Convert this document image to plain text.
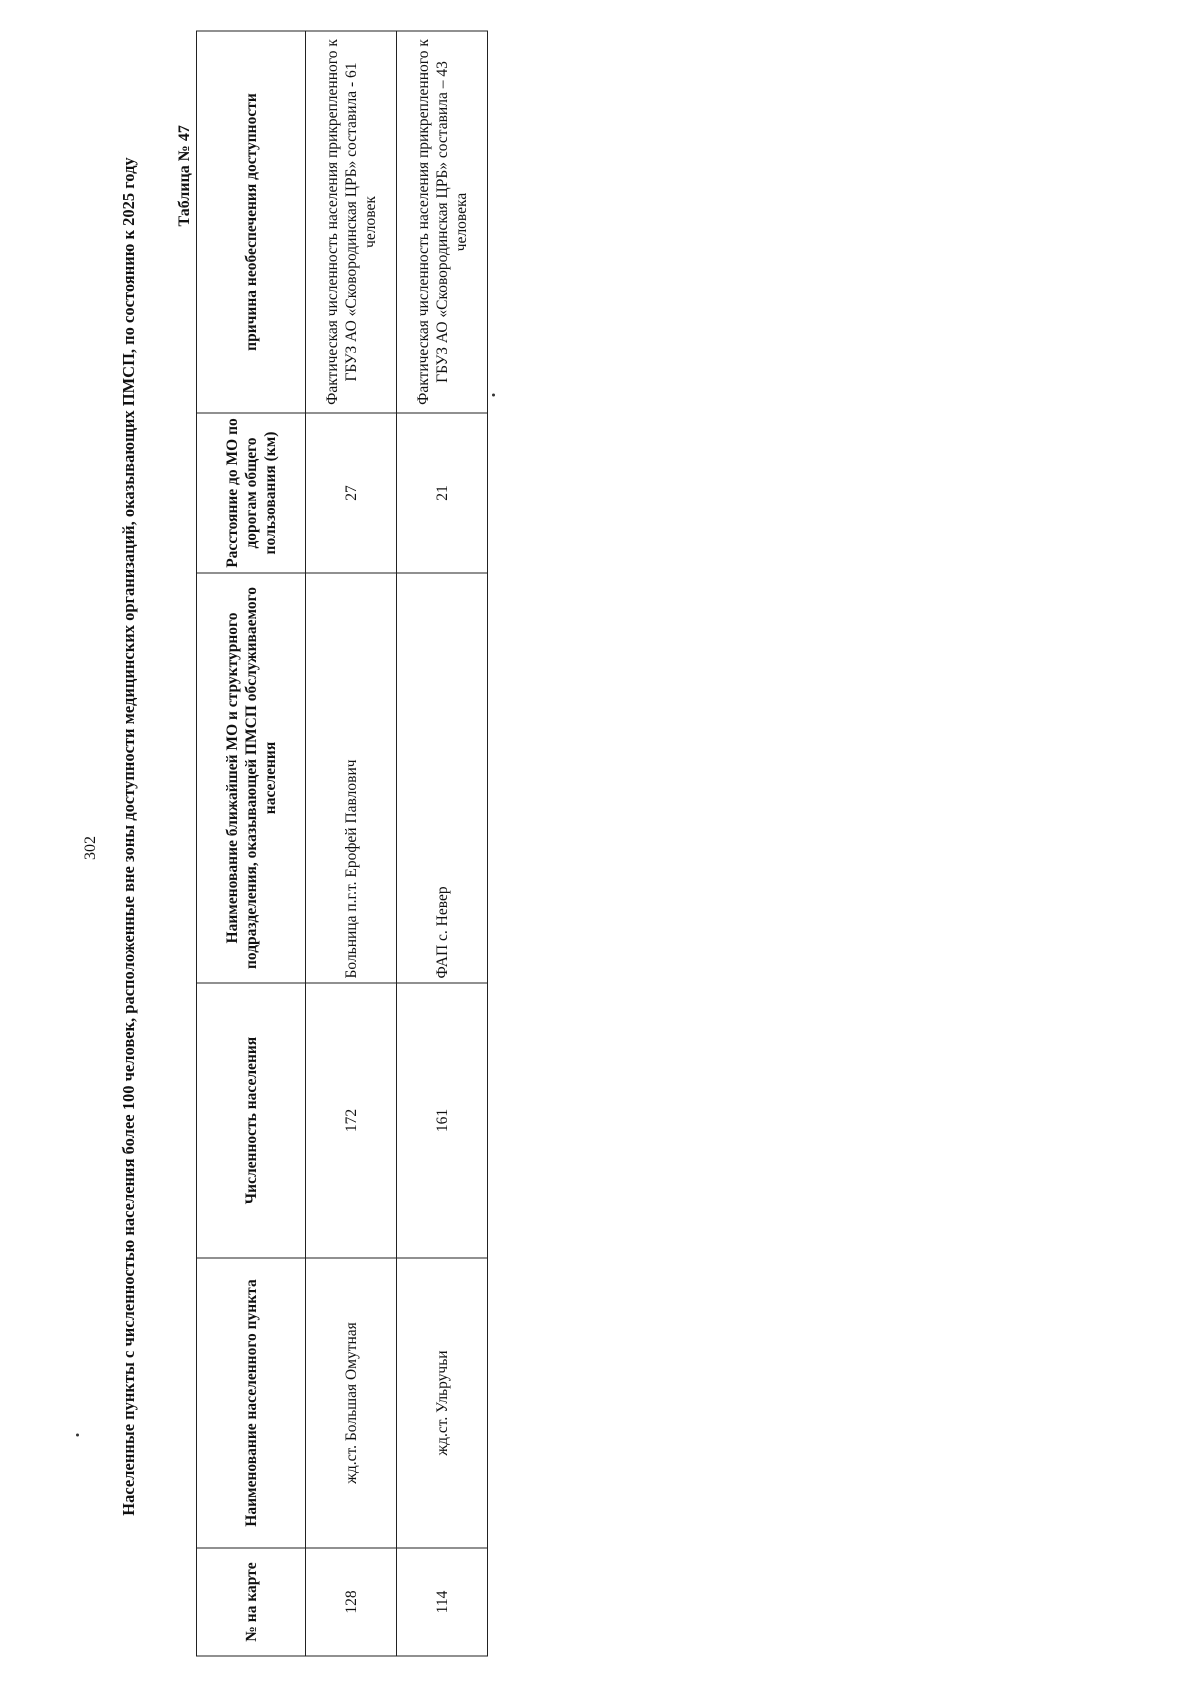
302 Населенные пункты с численностью населения более 100 человек, расположенные вне зоны доступности медицинских организаций, оказывающих ПМСП, по состоянию к 2025 году Таблица № 47
№ на карте	Наименование населенного пункта	Численность населения	Наименование ближайшей МО и структурного подразделения, оказывающей ПМСП обслуживаемого населения	Расстояние до МО по дорогам общего пользования (км)	причина необеспечения доступности
128	жд.ст. Большая Омутная	172	Больница п.г.т. Ерофей Павлович	27	Фактическая численность населения прикрепленного к ГБУЗ АО «Сковородинская ЦРБ» составила - 61 человек
114	жд.ст. Ульручьи	161	ФАП с. Невер	21	Фактическая численность населения прикрепленного к ГБУЗ АО «Сковородинская ЦРБ» составила – 43 человека
